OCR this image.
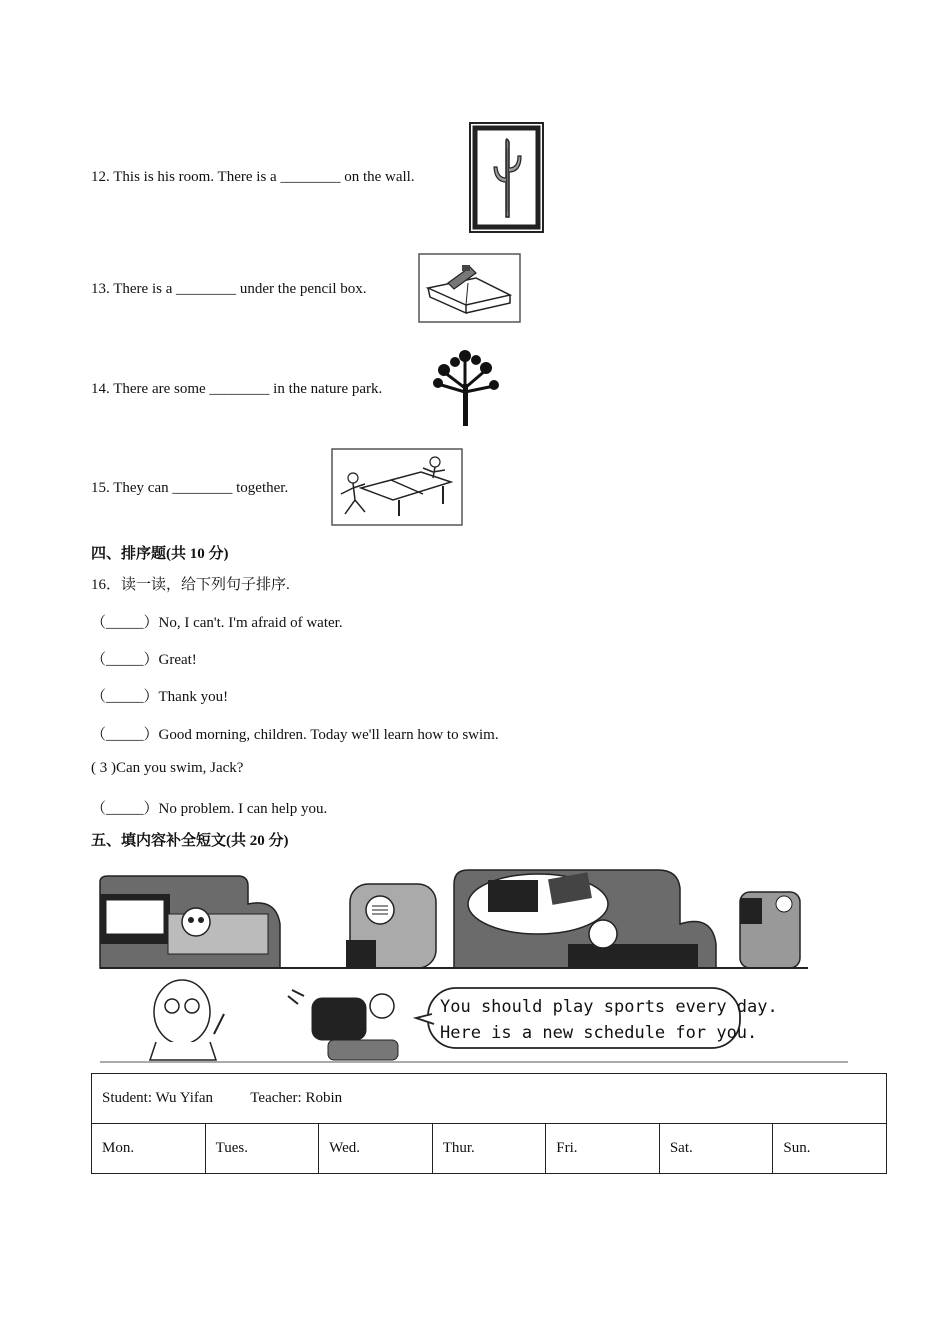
12. This is his room. There is a ________ on the wall.
13. There is a ________ under the pencil box.
14. There are some ________ in the nature park.
15. They can ________ together.
四、排序题(共 10 分)
16．读一读，给下列句子排序.
（_____）No, I can't. I'm afraid of water.
（_____）Great!
（_____）Thank you!
（_____）Good morning, children. Today we'll learn how to swim.
( 3 )Can you swim, Jack?
（_____）No problem. I can help you.
五、填内容补全短文(共 20 分)
You should play sports every day.
Here is a new schedule for you.
Student: Wu Yifan Teacher: Robin
Mon.	Tues.	Wed.	Thur.	Fri.	Sat.	Sun.
